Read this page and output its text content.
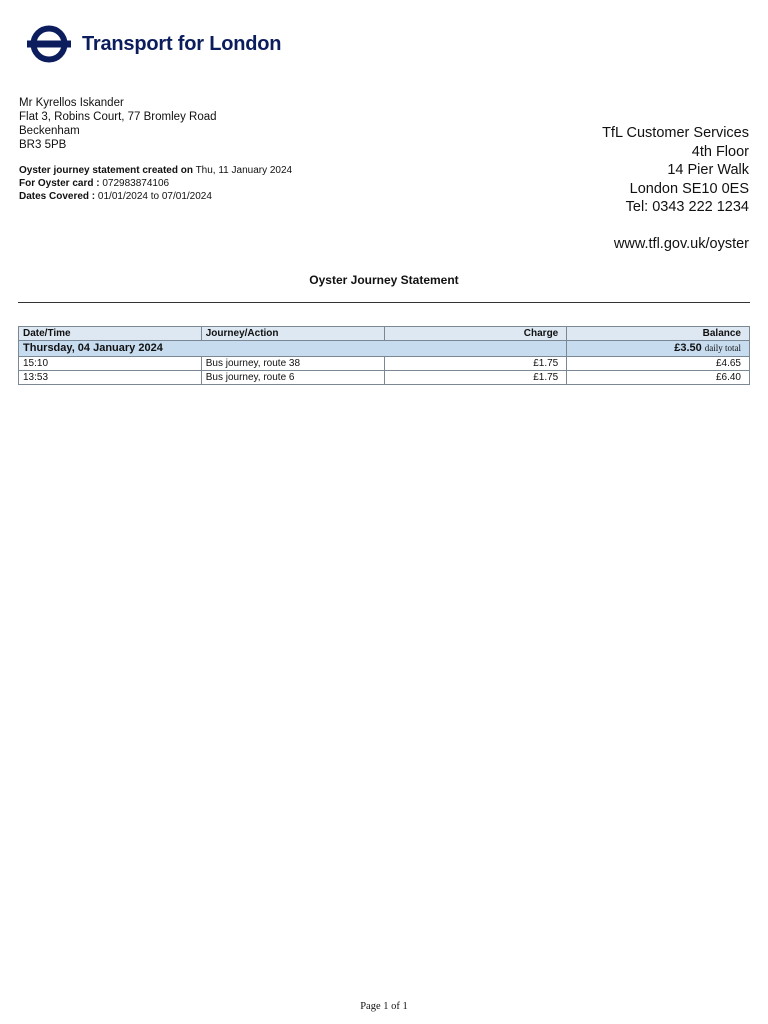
Transport for London
Mr Kyrellos Iskander
Flat 3, Robins Court, 77 Bromley Road
Beckenham
BR3 5PB
Oyster journey statement created on Thu, 11 January 2024
For Oyster card : 072983874106
Dates Covered : 01/01/2024 to 07/01/2024
TfL Customer Services
4th Floor
14 Pier Walk
London SE10 0ES
Tel: 0343 222 1234
www.tfl.gov.uk/oyster
Oyster Journey Statement
Date/Time	Journey/Action	Charge	Balance
Thursday, 04 January 2024			£3.50 daily total
15:10	Bus journey, route 38	£1.75	£4.65
13:53	Bus journey, route 6	£1.75	£6.40
Page 1 of 1
